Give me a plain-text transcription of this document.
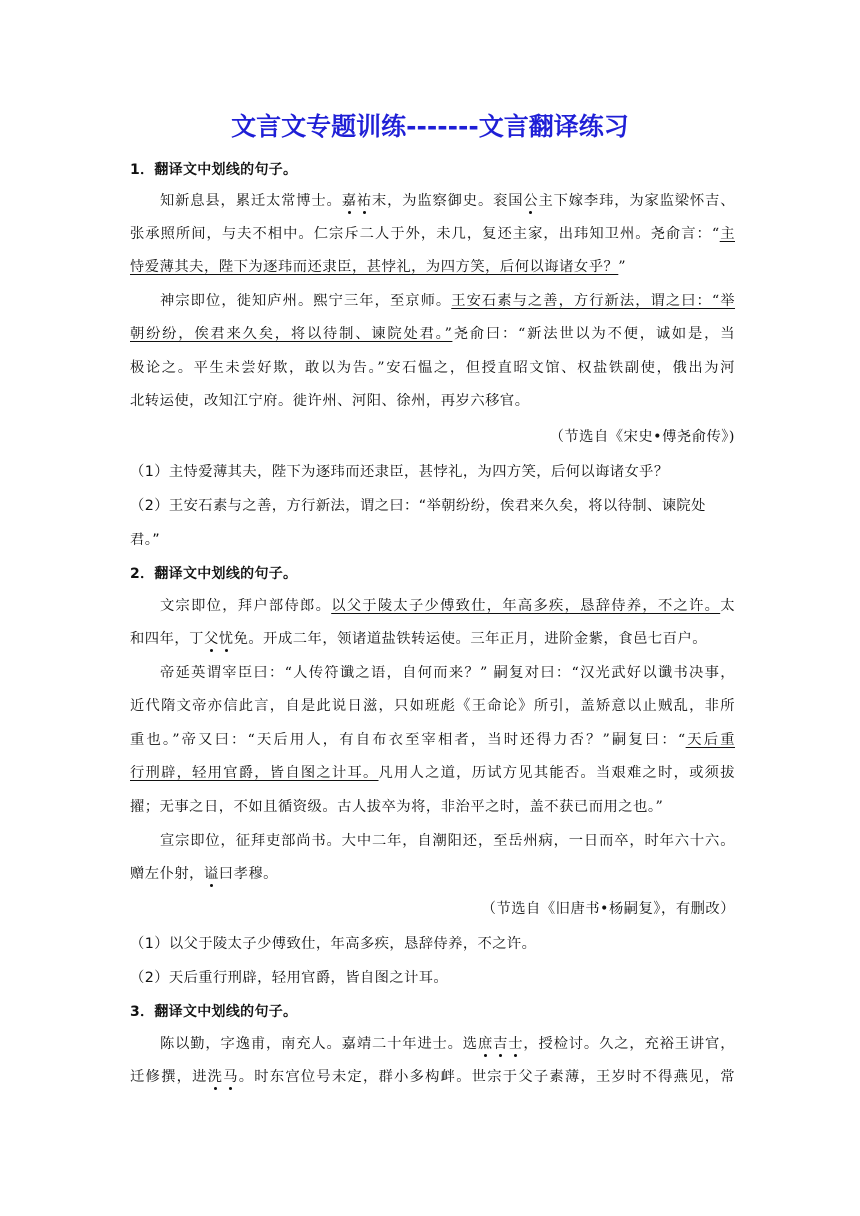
文言文专题训练-------文言翻译练习
1．翻译文中划线的句子。
知新息县，累迁太常博士。嘉祐末，为监察御史。衮国公主下嫁李玮，为家监梁怀吉、
张承照所间，与夫不相中。仁宗斥二人于外，未几，复还主家，出玮知卫州。尧俞言：“主
恃爱薄其夫，陛下为逐玮而还隶臣，甚悖礼，为四方笑，后何以诲诸女乎？”
神宗即位，徙知庐州。熙宁三年，至京师。王安石素与之善，方行新法，谓之曰：“举
朝纷纷，俟君来久矣，将以待制、谏院处君。”尧俞曰：“新法世以为不便，诚如是，当
极论之。平生未尝好欺，敢以为告。”安石愠之，但授直昭文馆、权盐铁副使，俄出为河
北转运使，改知江宁府。徙许州、河阳、徐州，再岁六移官。
（节选自《宋史•傅尧俞传》)
（1）主恃爱薄其夫，陛下为逐玮而还隶臣，甚悖礼，为四方笑，后何以诲诸女乎？
（2）王安石素与之善，方行新法，谓之曰：“举朝纷纷，俟君来久矣，将以待制、谏院处
君。”
2．翻译文中划线的句子。
文宗即位，拜户部侍郎。以父于陵太子少傅致仕，年高多疾，恳辞侍养，不之许。太
和四年，丁父忧免。开成二年，领诸道盐铁转运使。三年正月，进阶金紫，食邑七百户。
帝延英谓宰臣曰：“人传符谶之语，自何而来？” 嗣复对曰：“汉光武好以谶书决事，
近代隋文帝亦信此言，自是此说日滋，只如班彪《王命论》所引，盖矫意以止贼乱，非所
重也。”帝又曰：“天后用人，有自布衣至宰相者，当时还得力否？”嗣复曰：“天后重
行刑辟，轻用官爵，皆自图之计耳。凡用人之道，历试方见其能否。当艰难之时，或须拔
擢；无事之日，不如且循资级。古人拔卒为将，非治平之时，盖不获已而用之也。”
宣宗即位，征拜吏部尚书。大中二年，自潮阳还，至岳州病，一日而卒，时年六十六。
赠左仆射，谥曰孝穆。
（节选自《旧唐书•杨嗣复》，有删改）
（1）以父于陵太子少傅致仕，年高多疾，恳辞侍养，不之许。
（2）天后重行刑辟，轻用官爵，皆自图之计耳。
3．翻译文中划线的句子。
陈以勤，字逸甫，南充人。嘉靖二十年进士。选庶吉士，授检讨。久之，充裕王讲官，
迁修撰，进洗马。时东宫位号未定，群小多构衅。世宗于父子素薄，王岁时不得燕见，常
